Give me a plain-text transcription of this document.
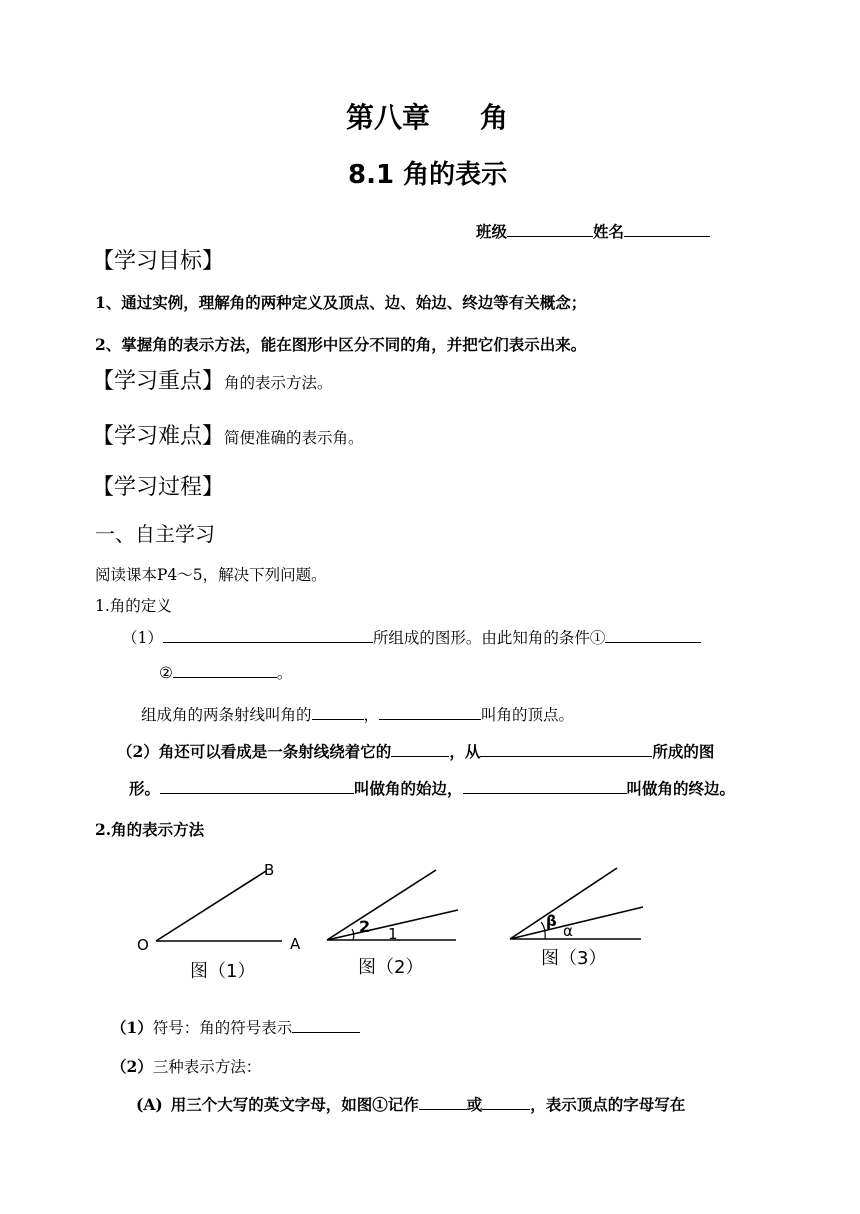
第八章 角
8.1 角的表示
班级	姓名
【学习目标】
1、通过实例，理解角的两种定义及顶点、边、始边、终边等有关概念；
2、掌握角的表示方法，能在图形中区分不同的角，并把它们表示出来。
【学习重点】角的表示方法。
【学习难点】简便准确的表示角。
【学习过程】
一、自主学习
阅读课本P4～5，解决下列问题。
1.角的定义
（1）	所组成的图形。由此知角的条件①
②	。
组成角的两条射线叫角的	，	叫角的顶点。
（2）角还可以看成是一条射线绕着它的	，从	所成的图
形。	叫做角的始边，	叫做角的终边。
2.角的表示方法
O	A
B
图（1）
2 1
图（2）
β
α
图（3）
（1）符号：角的符号表示
（2）三种表示方法：
(A) 用三个大写的英文字母，如图①记作	或	，表示顶点的字母写在
